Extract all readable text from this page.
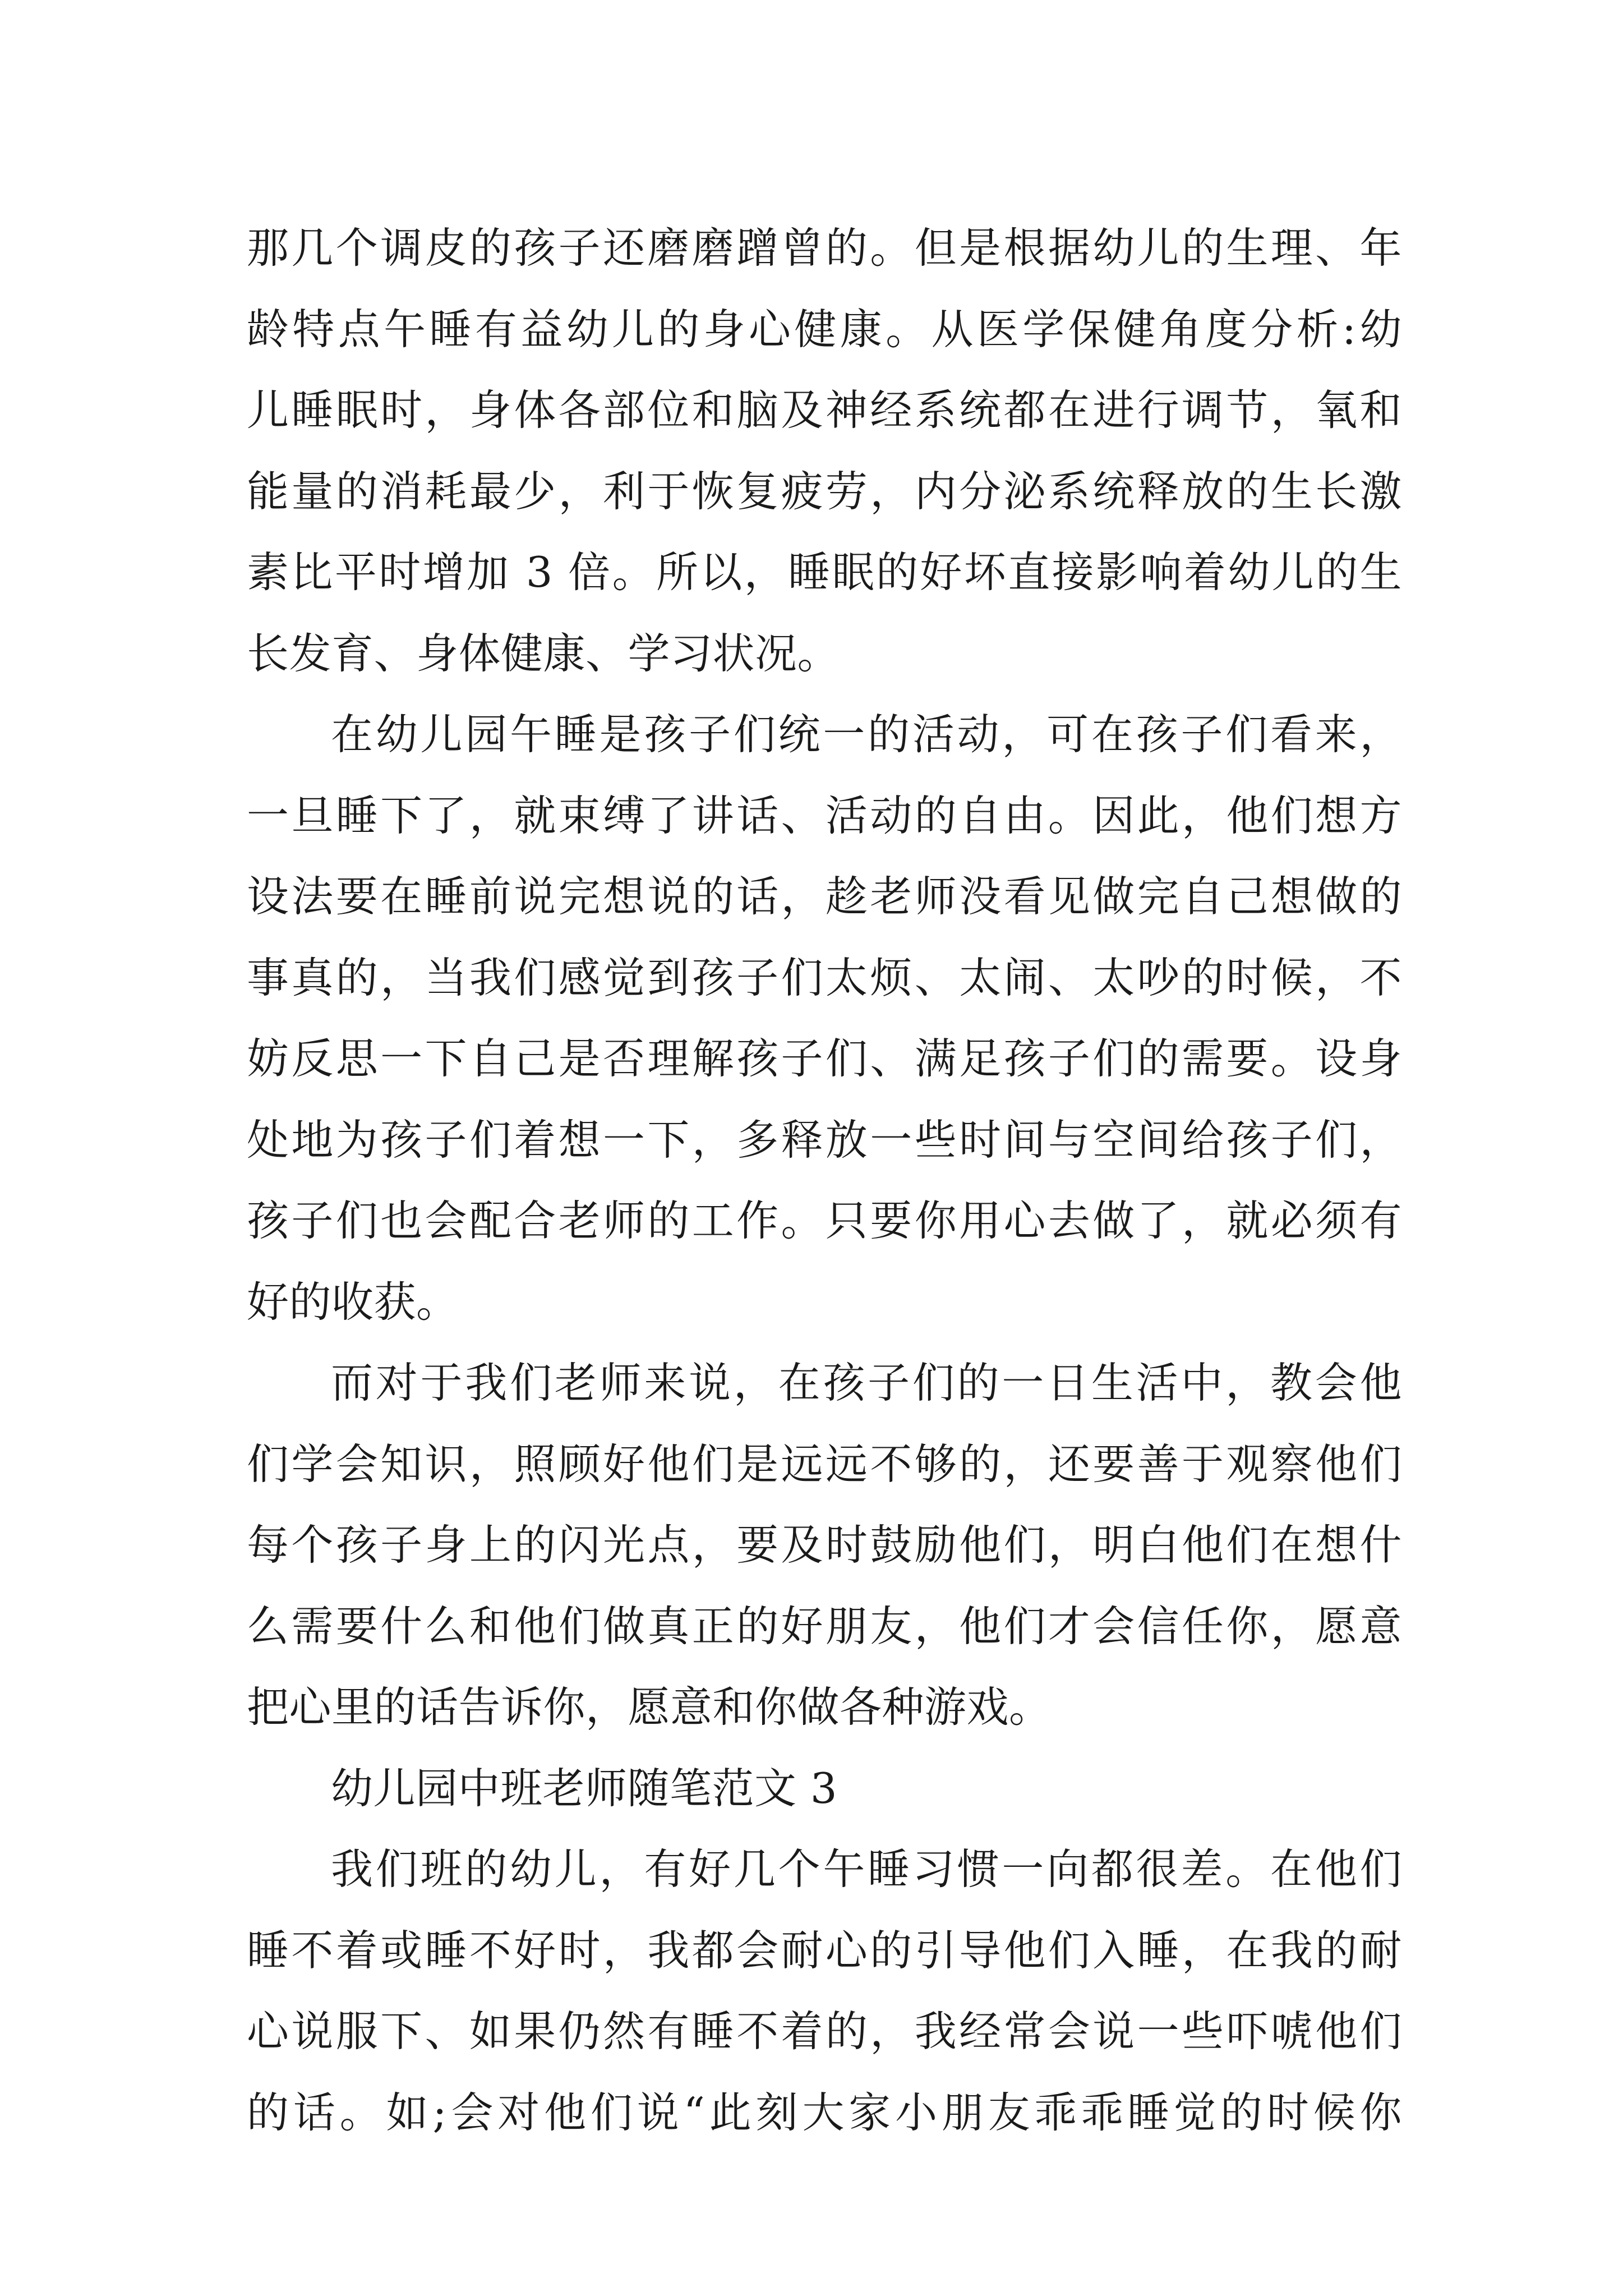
那几个调皮的孩子还磨磨蹭曾的。但是根据幼儿的生理、年
龄特点午睡有益幼儿的身心健康。从医学保健角度分析:幼
儿睡眠时，身体各部位和脑及神经系统都在进行调节，氧和
能量的消耗最少，利于恢复疲劳，内分泌系统释放的生长激
素比平时增加 3 倍。所以，睡眠的好坏直接影响着幼儿的生
长发育、身体健康、学习状况。
在幼儿园午睡是孩子们统一的活动，可在孩子们看来，
一旦睡下了，就束缚了讲话、活动的自由。因此，他们想方
设法要在睡前说完想说的话，趁老师没看见做完自己想做的
事真的，当我们感觉到孩子们太烦、太闹、太吵的时候，不
妨反思一下自己是否理解孩子们、满足孩子们的需要。设身
处地为孩子们着想一下，多释放一些时间与空间给孩子们，
孩子们也会配合老师的工作。只要你用心去做了，就必须有
好的收获。
而对于我们老师来说，在孩子们的一日生活中，教会他
们学会知识，照顾好他们是远远不够的，还要善于观察他们
每个孩子身上的闪光点，要及时鼓励他们，明白他们在想什
么需要什么和他们做真正的好朋友，他们才会信任你，愿意
把心里的话告诉你，愿意和你做各种游戏。
幼儿园中班老师随笔范文 3
我们班的幼儿，有好几个午睡习惯一向都很差。在他们
睡不着或睡不好时，我都会耐心的引导他们入睡，在我的耐
心说服下、如果仍然有睡不着的，我经常会说一些吓唬他们
的话。如;会对他们说“此刻大家小朋友乖乖睡觉的时候你
